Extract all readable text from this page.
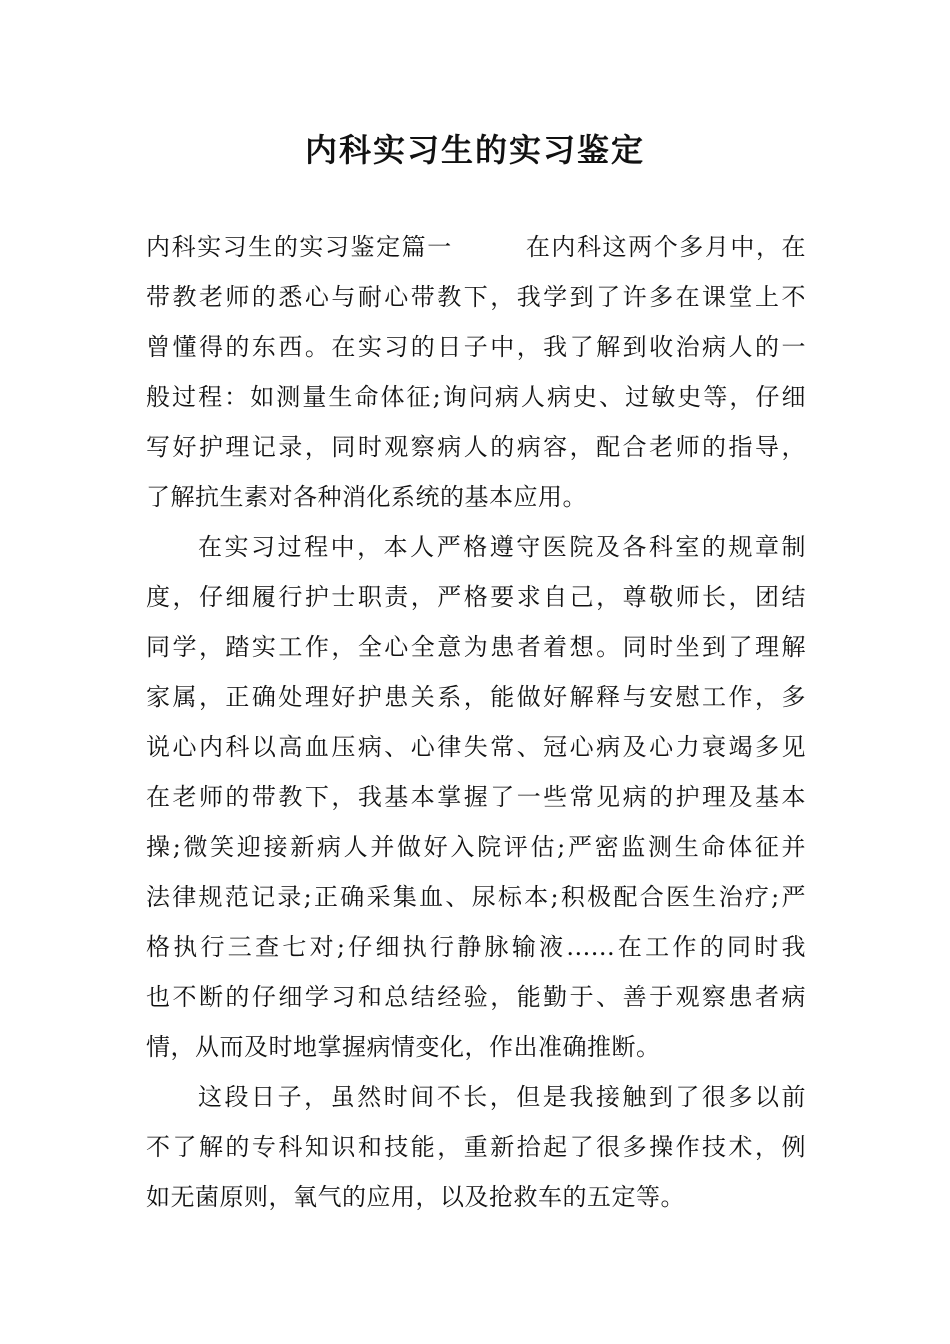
内科实习生的实习鉴定
内科实习生的实习鉴定篇一	在内科这两个多月中，在
带教老师的悉心与耐心带教下，我学到了许多在课堂上不
曾懂得的东西。在实习的日子中，我了解到收治病人的一
般过程：如测量生命体征;询问病人病史、过敏史等，仔细
写好护理记录，同时观察病人的病容，配合老师的指导，
了解抗生素对各种消化系统的基本应用。
在实习过程中，本人严格遵守医院及各科室的规章制
度，仔细履行护士职责，严格要求自己，尊敬师长，团结
同学，踏实工作，全心全意为患者着想。同时坐到了理解
家属，正确处理好护患关系，能做好解释与安慰工作，多
说心内科以高血压病、心律失常、冠心病及心力衰竭多见
在老师的带教下，我基本掌握了一些常见病的护理及基本
操;微笑迎接新病人并做好入院评估;严密监测生命体征并
法律规范记录;正确采集血、尿标本;积极配合医生治疗;严
格执行三查七对;仔细执行静脉输液......在工作的同时我
也不断的仔细学习和总结经验，能勤于、善于观察患者病
情，从而及时地掌握病情变化，作出准确推断。
这段日子，虽然时间不长，但是我接触到了很多以前
不了解的专科知识和技能，重新拾起了很多操作技术，例
如无菌原则，氧气的应用，以及抢救车的五定等。
